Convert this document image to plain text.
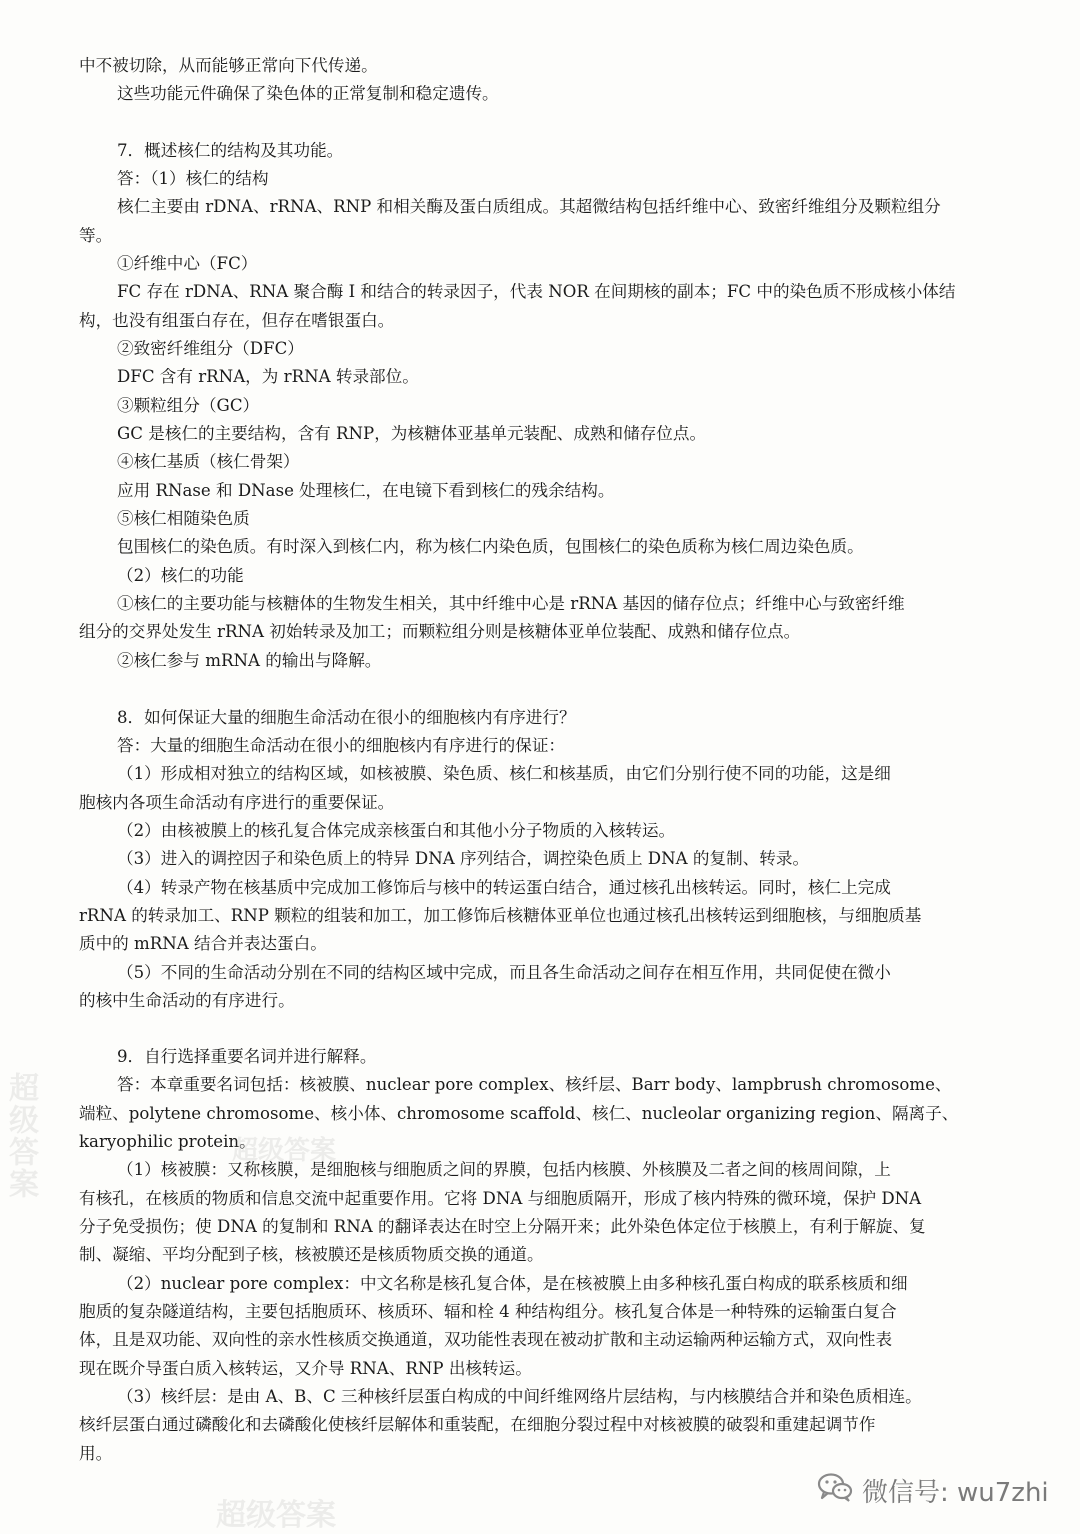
中不被切除，从而能够正常向下代传递。
这些功能元件确保了染色体的正常复制和稳定遗传。
7．概述核仁的结构及其功能。
答：（1）核仁的结构
核仁主要由 rDNA、rRNA、RNP 和相关酶及蛋白质组成。其超微结构包括纤维中心、致密纤维组分及颗粒组分
等。
①纤维中心（FC）
FC 存在 rDNA、RNA 聚合酶 I 和结合的转录因子，代表 NOR 在间期核的副本；FC 中的染色质不形成核小体结
构，也没有组蛋白存在，但存在嗜银蛋白。
②致密纤维组分（DFC）
DFC 含有 rRNA，为 rRNA 转录部位。
③颗粒组分（GC）
GC 是核仁的主要结构，含有 RNP，为核糖体亚基单元装配、成熟和储存位点。
④核仁基质（核仁骨架）
应用 RNase 和 DNase 处理核仁，在电镜下看到核仁的残余结构。
⑤核仁相随染色质
包围核仁的染色质。有时深入到核仁内，称为核仁内染色质，包围核仁的染色质称为核仁周边染色质。
（2）核仁的功能
①核仁的主要功能与核糖体的生物发生相关，其中纤维中心是 rRNA 基因的储存位点；纤维中心与致密纤维
组分的交界处发生 rRNA 初始转录及加工；而颗粒组分则是核糖体亚单位装配、成熟和储存位点。
②核仁参与 mRNA 的输出与降解。
8．如何保证大量的细胞生命活动在很小的细胞核内有序进行？
答：大量的细胞生命活动在很小的细胞核内有序进行的保证：
（1）形成相对独立的结构区域，如核被膜、染色质、核仁和核基质，由它们分别行使不同的功能，这是细
胞核内各项生命活动有序进行的重要保证。
（2）由核被膜上的核孔复合体完成亲核蛋白和其他小分子物质的入核转运。
（3）进入的调控因子和染色质上的特异 DNA 序列结合，调控染色质上 DNA 的复制、转录。
（4）转录产物在核基质中完成加工修饰后与核中的转运蛋白结合，通过核孔出核转运。同时，核仁上完成
rRNA 的转录加工、RNP 颗粒的组装和加工，加工修饰后核糖体亚单位也通过核孔出核转运到细胞核，与细胞质基
质中的 mRNA 结合并表达蛋白。
（5）不同的生命活动分别在不同的结构区域中完成，而且各生命活动之间存在相互作用，共同促使在微小
的核中生命活动的有序进行。
9．自行选择重要名词并进行解释。
答：本章重要名词包括：核被膜、nuclear pore complex、核纤层、Barr body、lampbrush chromosome、
端粒、polytene chromosome、核小体、chromosome scaffold、核仁、nucleolar organizing region、隔离子、
karyophilic protein。
（1）核被膜：又称核膜，是细胞核与细胞质之间的界膜，包括内核膜、外核膜及二者之间的核周间隙，上
有核孔，在核质的物质和信息交流中起重要作用。它将 DNA 与细胞质隔开，形成了核内特殊的微环境，保护 DNA
分子免受损伤；使 DNA 的复制和 RNA 的翻译表达在时空上分隔开来；此外染色体定位于核膜上，有利于解旋、复
制、凝缩、平均分配到子核，核被膜还是核质物质交换的通道。
（2）nuclear pore complex：中文名称是核孔复合体，是在核被膜上由多种核孔蛋白构成的联系核质和细
胞质的复杂隧道结构，主要包括胞质环、核质环、辐和栓 4 种结构组分。核孔复合体是一种特殊的运输蛋白复合
体，且是双功能、双向性的亲水性核质交换通道，双功能性表现在被动扩散和主动运输两种运输方式，双向性表
现在既介导蛋白质入核转运，又介导 RNA、RNP 出核转运。
（3）核纤层：是由 A、B、C 三种核纤层蛋白构成的中间纤维网络片层结构，与内核膜结合并和染色质相连。
核纤层蛋白通过磷酸化和去磷酸化使核纤层解体和重装配，在细胞分裂过程中对核被膜的破裂和重建起调节作
用。
超级答案	超级答案
超级答案
微信号: wu7zhi
